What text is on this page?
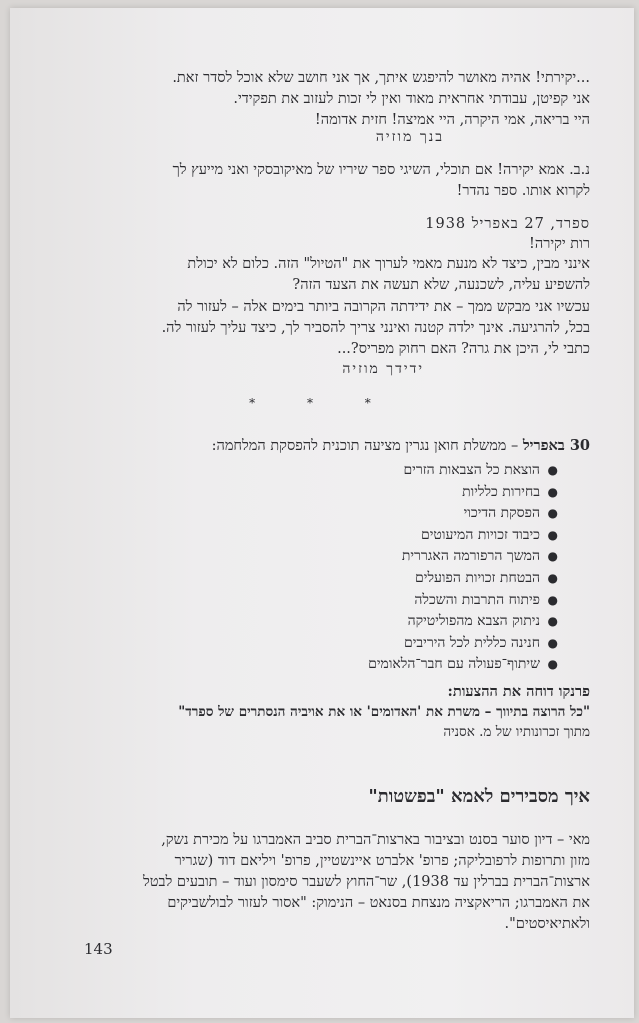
...יקירתי! אהיה מאושר להיפגש איתך, אך אני חושב שלא אוכל לסדר זאת.
אני קפיטן, עבודתי אחראית מאוד ואין לי זכות לעזוב את תפקידי.
היי בריאה, אמי היקרה, היי אמיצה! חזית אדומה!
בנך מוזיה
נ.ב. אמא יקירה! אם תוכלי, השיגי ספר שיריו של מאיקובסקי ואני מייעץ לך
לקרוא אותו. ספר נהדר!
ספרד, 27 באפריל 1938
רות יקירה!
אינני מבין, כיצד לא מנעת מאמי לערוך את "הטיול" הזה. כלום לא יכולת
להשפיע עליה, לשכנעה, שלא תעשה את הצעד הזה?
עכשיו אני מבקש ממך – את ידידתה הקרובה ביותר בימים אלה – לעזור לה
בכל, להרגיעה. אינך ילדה קטנה ואינני צריך להסביר לך, כיצד עליך לעזור לה.
כתבי לי, היכן את גרה? האם רחוק מפריס?...
ידידך מוזיה
* * *
30 באפריל – ממשלת חואן נגרין מציעה תוכנית להפסקת המלחמה:
●
הוצאת כל הצבאות הזרים
●
בחירות כלליות
●
הפסקת הדיכוי
●
כיבוד זכויות המיעוטים
●
המשך הרפורמה האגררית
●
הבטחת זכויות הפועלים
●
פיתוח התרבות והשכלה
●
ניתוק הצבא מהפוליטיקה
●
חנינה כללית לכל היריבים
●
שיתוף־פעולה עם חבר־הלאומים
פרנקו דוחה את ההצעות:
"כל הרוצה בתיווך – משרת את 'האדומים' או את אויביה הנסתרים של ספרד"
מתוך זכרונותיו של מ. אסניה
איך מסבירים לאמא "בפשטות"
מאי – דיון סוער בסנט ובציבור בארצות־הברית סביב האמברגו על מכירת נשק,
מזון ותרופות לרפובליקה; פרופ' אלברט איינשטיין, פרופ' ויליאם דוד (שגריר
ארצות־הברית בברלין עד 1938), שר־החוץ לשעבר סימסון ועוד – תובעים לבטל
את האמברגו; הריאקציה מנצחת בסנאט – הנימוק: "אסור לעזור לבולשביקים
ולאתיאיסטים".
143
